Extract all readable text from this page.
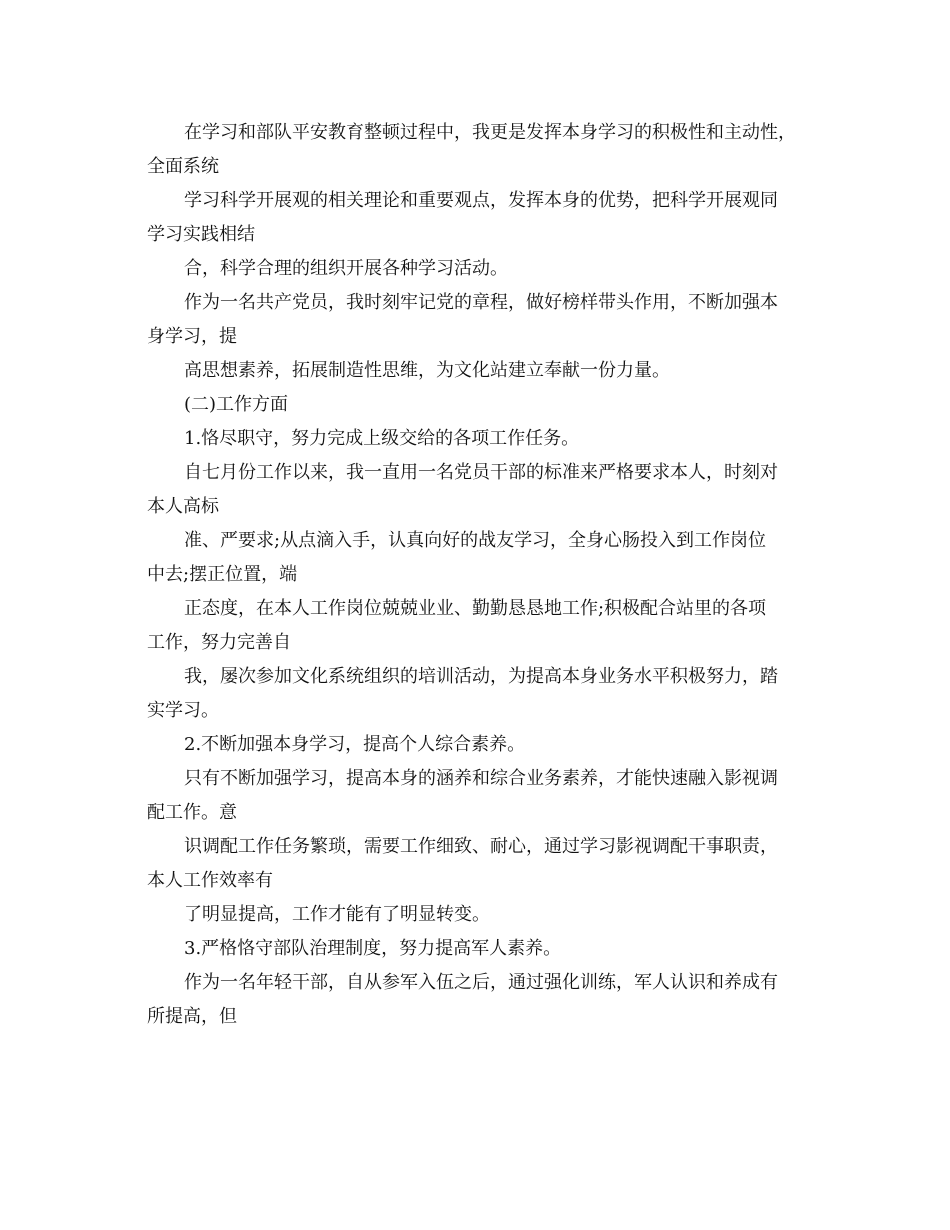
在学习和部队平安教育整顿过程中，我更是发挥本身学习的积极性和主动性，
全面系统
学习科学开展观的相关理论和重要观点，发挥本身的优势，把科学开展观同
学习实践相结
合，科学合理的组织开展各种学习活动。
作为一名共产党员，我时刻牢记党的章程，做好榜样带头作用，不断加强本
身学习，提
高思想素养，拓展制造性思维，为文化站建立奉献一份力量。
(二)工作方面
1.恪尽职守，努力完成上级交给的各项工作任务。
自七月份工作以来，我一直用一名党员干部的标准来严格要求本人，时刻对
本人高标
准、严要求;从点滴入手，认真向好的战友学习，全身心肠投入到工作岗位
中去;摆正位置，端
正态度，在本人工作岗位兢兢业业、勤勤恳恳地工作;积极配合站里的各项
工作，努力完善自
我，屡次参加文化系统组织的培训活动，为提高本身业务水平积极努力，踏
实学习。
2.不断加强本身学习，提高个人综合素养。
只有不断加强学习，提高本身的涵养和综合业务素养，才能快速融入影视调
配工作。意
识调配工作任务繁琐，需要工作细致、耐心，通过学习影视调配干事职责，
本人工作效率有
了明显提高，工作才能有了明显转变。
3.严格恪守部队治理制度，努力提高军人素养。
作为一名年轻干部，自从参军入伍之后，通过强化训练，军人认识和养成有
所提高，但
